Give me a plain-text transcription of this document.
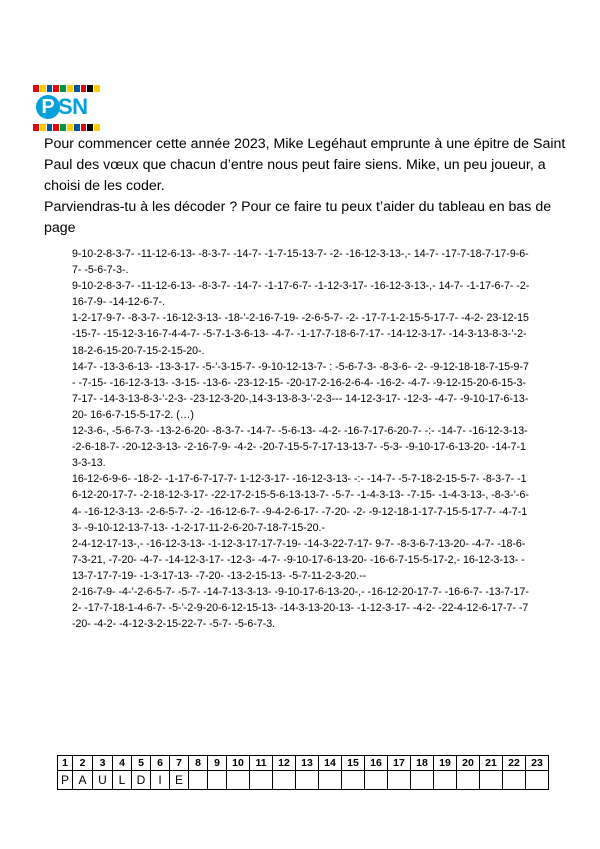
P SN

Pour commencer cette année 2023, Mike Legéhaut emprunte à une épitre de Saint Paul des vœux que chacun d’entre nous peut faire siens. Mike, un peu joueur, a choisi de les coder.

Parviendras-tu à les décoder ? Pour ce faire tu peux t’aider du tableau en bas de page

9-10-2-8-3-7- -11-12-6-13- -8-3-7- -14-7- -1-7-15-13-7- -2- -16-12-3-13-,- 14-7- -17-7-18-7-17-9-6-7- -5-6-7-3-.

9-10-2-8-3-7- -11-12-6-13- -8-3-7- -14-7- -1-17-6-7- -1-12-3-17- -16-12-3-13-,- 14-7- -1-17-6-7- -2-16-7-9- -14-12-6-7-.

1-2-17-9-7- -8-3-7- -16-12-3-13- -18-’-2-16-7-19- -2-6-5-7- -2- -17-7-1-2-15-5-17-7- -4-2- 23-12-15-15-7- -15-12-3-16-7-4-4-7- -5-7-1-3-6-13- -4-7- -1-17-7-18-6-7-17- -14-12-3-17- -14-3-13-8-3-’-2- 18-2-6-15-20-7-15-2-15-20-.

14-7- -13-3-6-13- -13-3-17- -5-’-3-15-7- -9-10-12-13-7- : -5-6-7-3- -8-3-6- -2- -9-12-18-18-7-15-9-7- -7-15- -16-12-3-13- -3-15- -13-6- -23-12-15- -20-17-2-16-2-6-4- -16-2- -4-7- -9-12-15-20-6-15-3-7-17- -14-3-13-8-3-’-2-3- -23-12-3-20-,14-3-13-8-3-’-2-3--- 14-12-3-17- -12-3- -4-7- -9-10-17-6-13-20- 16-6-7-15-5-17-2. (…)

12-3-6-, -5-6-7-3- -13-2-6-20- -8-3-7- -14-7- -5-6-13- -4-2- -16-7-17-6-20-7- -:- -14-7- -16-12-3-13- -2-6-18-7- -20-12-3-13- -2-16-7-9- -4-2- -20-7-15-5-7-17-13-13-7- -5-3- -9-10-17-6-13-20- -14-7-13-3-13.

16-12-6-9-6- -18-2- -1-17-6-7-17-7- 1-12-3-17- -16-12-3-13- -:- -14-7- -5-7-18-2-15-5-7- -8-3-7- -16-12-20-17-7- -2-18-12-3-17- -22-17-2-15-5-6-13-13-7- -5-7- -1-4-3-13- -7-15- -1-4-3-13-, -8-3-’-6-4- -16-12-3-13- -2-6-5-7- -2- -16-12-6-7- -9-4-2-6-17- -7-20- -2- -9-12-18-1-17-7-15-5-17-7- -4-7-13- -9-10-12-13-7-13- -1-2-17-11-2-6-20-7-18-7-15-20.-

2-4-12-17-13-,- -16-12-3-13- -1-12-3-17-17-7-19- -14-3-22-7-17- 9-7- -8-3-6-7-13-20- -4-7- -18-6-7-3-21, -7-20- -4-7- -14-12-3-17- -12-3- -4-7- -9-10-17-6-13-20- -16-6-7-15-5-17-2,- 16-12-3-13- -13-7-17-7-19- -1-3-17-13- -7-20- -13-2-15-13- -5-7-11-2-3-20.--

2-16-7-9- -4-’-2-6-5-7- -5-7- -14-7-13-3-13- -9-10-17-6-13-20-,- -16-12-20-17-7- -16-6-7- -13-7-17-2- -17-7-18-1-4-6-7- -5-’-2-9-20-6-12-15-13- -14-3-13-20-13- -1-12-3-17- -4-2- -22-4-12-6-17-7- -7-20- -4-2- -4-12-3-2-15-22-7- -5-7- -5-6-7-3.

1	2	3	4	5	6	7	8	9	10	11	12	13	14	15	16	17	18	19	20	21	22	23
P	A	U	L	D	I	E																
